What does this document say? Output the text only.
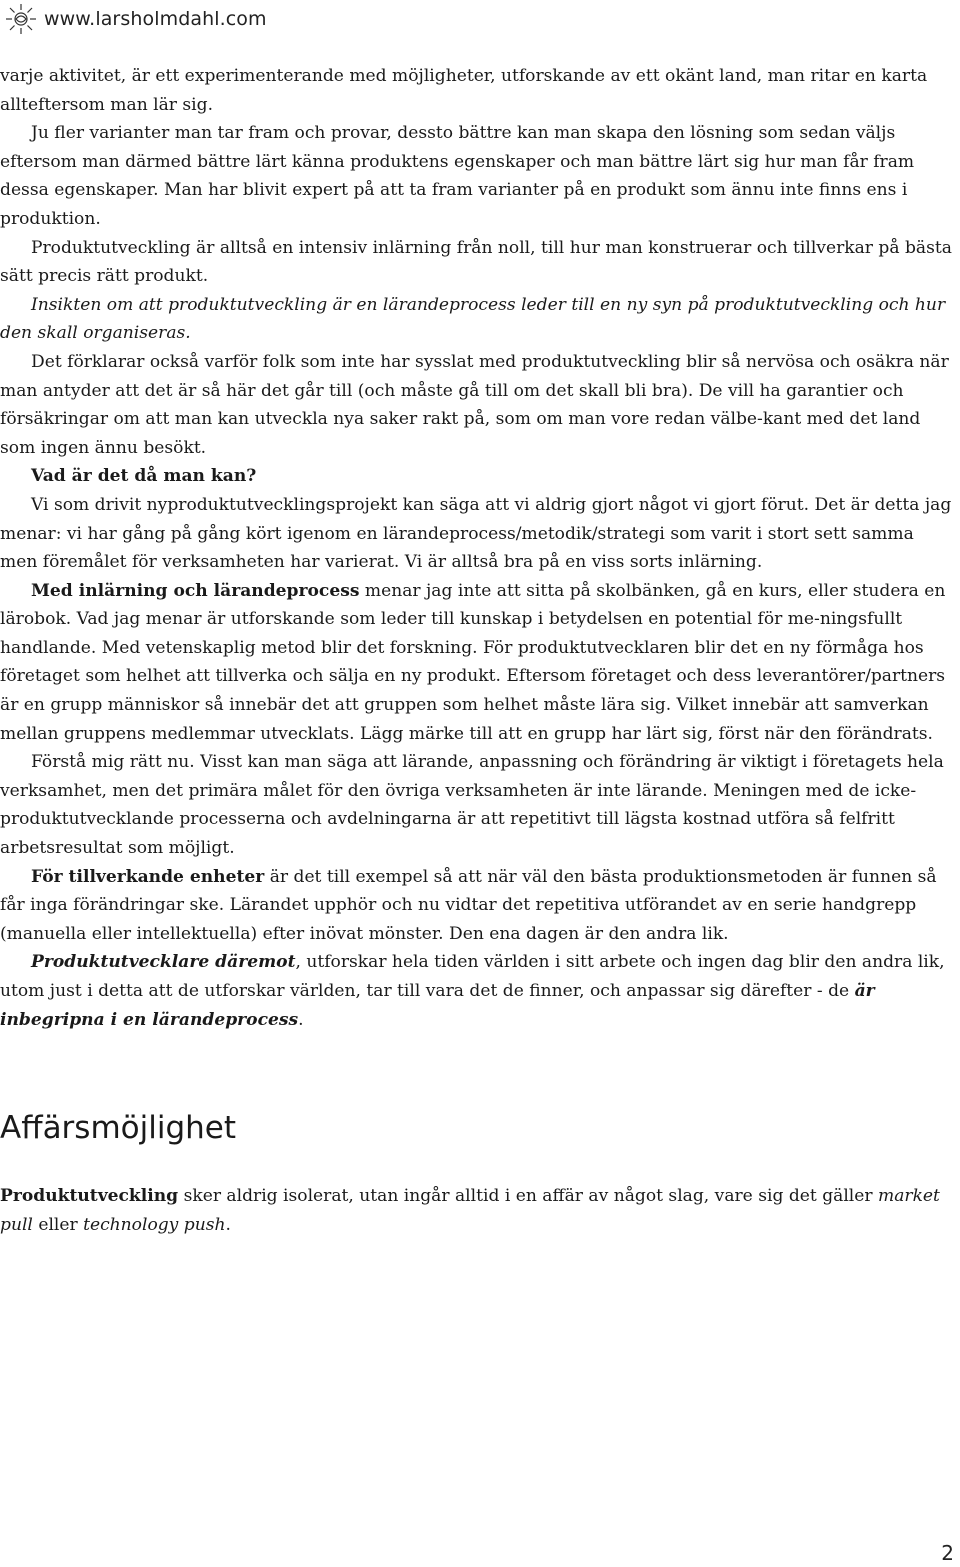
www.larsholmdahl.com

varje aktivitet, är ett experimenterande med möjligheter, utforskande av ett okänt land, man ritar en karta allteftersom man lär sig.

Ju fler varianter man tar fram och provar, dessto bättre kan man skapa den lösning som sedan väljs eftersom man därmed bättre lärt känna produktens egenskaper och man bättre lärt sig hur man får fram dessa egenskaper. Man har blivit expert på att ta fram varianter på en produkt som ännu inte finns ens i produktion.

Produktutveckling är alltså en intensiv inlärning från noll, till hur man konstruerar och tillverkar på bästa sätt precis rätt produkt.

Insikten om att produktutveckling är en lärandeprocess leder till en ny syn på produktutveckling och hur den skall organiseras.

Det förklarar också varför folk som inte har sysslat med produktutveckling blir så nervösa och osäkra när man antyder att det är så här det går till (och måste gå till om det skall bli bra). De vill ha garantier och försäkringar om att man kan utveckla nya saker rakt på, som om man vore redan välbe-kant med det land som ingen ännu besökt.

Vad är det då man kan?

Vi som drivit nyproduktutvecklingsprojekt kan säga att vi aldrig gjort något vi gjort förut. Det är detta jag menar: vi har gång på gång kört igenom en lärandeprocess/metodik/strategi som varit i stort sett samma men föremålet för verksamheten har varierat. Vi är alltså bra på en viss sorts inlärning.

Med inlärning och lärandeprocess menar jag inte att sitta på skolbänken, gå en kurs, eller studera en lärobok. Vad jag menar är utforskande som leder till kunskap i betydelsen en potential för me-ningsfullt handlande. Med vetenskaplig metod blir det forskning. För produktutvecklaren blir det en ny förmåga hos företaget som helhet att tillverka och sälja en ny produkt. Eftersom företaget och dess leverantörer/partners är en grupp människor så innebär det att gruppen som helhet måste lära sig. Vilket innebär att samverkan mellan gruppens medlemmar utvecklats. Lägg märke till att en grupp har lärt sig, först när den förändrats.

Förstå mig rätt nu. Visst kan man säga att lärande, anpassning och förändring är viktigt i företagets hela verksamhet, men det primära målet för den övriga verksamheten är inte lärande. Meningen med de icke-produktutvecklande processerna och avdelningarna är att repetitivt till lägsta kostnad utföra så felfritt arbetsresultat som möjligt.

För tillverkande enheter är det till exempel så att när väl den bästa produktionsmetoden är funnen så får inga förändringar ske. Lärandet upphör och nu vidtar det repetitiva utförandet av en serie handgrepp (manuella eller intellektuella) efter inövat mönster. Den ena dagen är den andra lik.

Produktutvecklare däremot, utforskar hela tiden världen i sitt arbete och ingen dag blir den andra lik, utom just i detta att de utforskar världen, tar till vara det de finner, och anpassar sig därefter - de är inbegripna i en lärandeprocess.

Affärsmöjlighet

Produktutveckling sker aldrig isolerat, utan ingår alltid i en affär av något slag, vare sig det gäller market pull eller technology push.

2
